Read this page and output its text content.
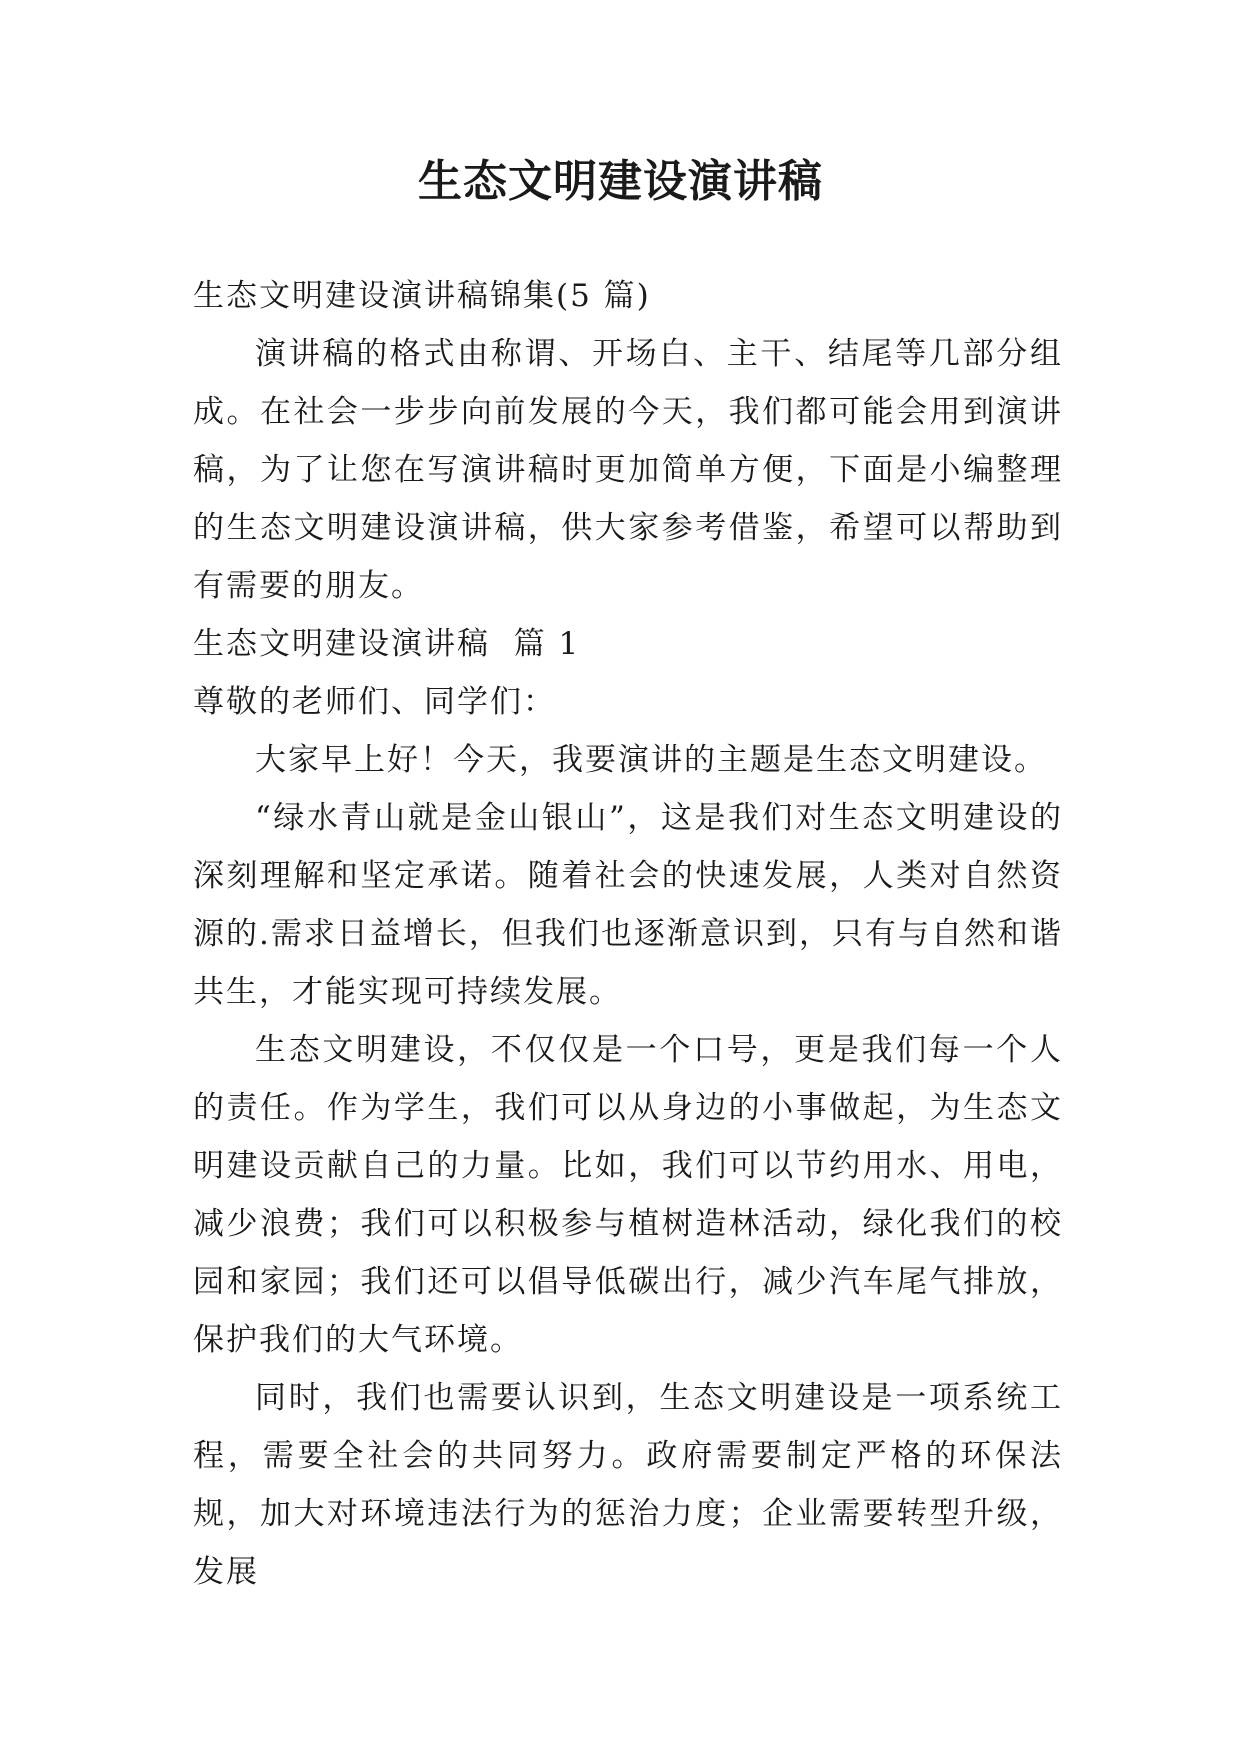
生态文明建设演讲稿

生态文明建设演讲稿锦集(5 篇)

演讲稿的格式由称谓、开场白、主干、结尾等几部分组成。在社会一步步向前发展的今天，我们都可能会用到演讲稿，为了让您在写演讲稿时更加简单方便，下面是小编整理的生态文明建设演讲稿，供大家参考借鉴，希望可以帮助到有需要的朋友。

生态文明建设演讲稿  篇 1

尊敬的老师们、同学们：

大家早上好！今天，我要演讲的主题是生态文明建设。

“绿水青山就是金山银山”，这是我们对生态文明建设的深刻理解和坚定承诺。随着社会的快速发展，人类对自然资源的.需求日益增长，但我们也逐渐意识到，只有与自然和谐共生，才能实现可持续发展。

生态文明建设，不仅仅是一个口号，更是我们每一个人的责任。作为学生，我们可以从身边的小事做起，为生态文明建设贡献自己的力量。比如，我们可以节约用水、用电，减少浪费；我们可以积极参与植树造林活动，绿化我们的校园和家园；我们还可以倡导低碳出行，减少汽车尾气排放，保护我们的大气环境。

同时，我们也需要认识到，生态文明建设是一项系统工程，需要全社会的共同努力。政府需要制定严格的环保法规，加大对环境违法行为的惩治力度；企业需要转型升级，发展
